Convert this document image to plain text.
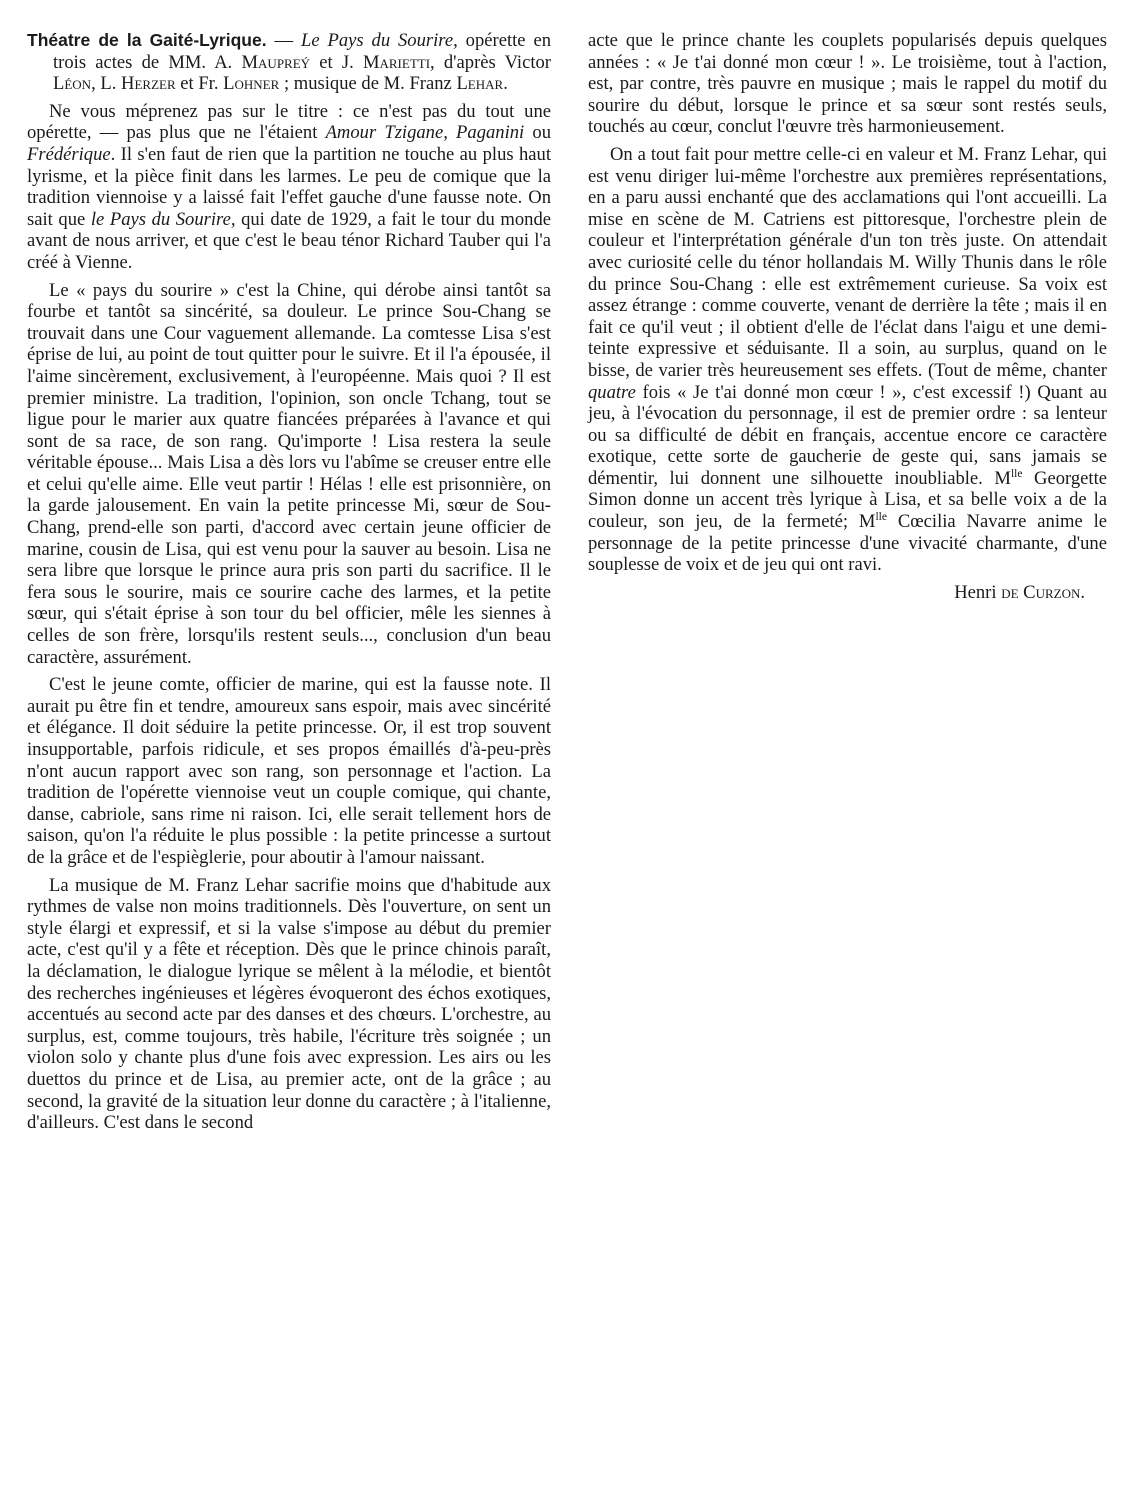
Théatre de la Gaité-Lyrique. — Le Pays du Sourire, opérette en trois actes de MM. A. Maupreý et J. Marietti, d'après Victor Léon, L. Herzer et Fr. Lohner ; musique de M. Franz Lehar.

Ne vous méprenez pas sur le titre : ce n'est pas du tout une opérette, — pas plus que ne l'étaient Amour Tzigane, Paganini ou Frédérique. Il s'en faut de rien que la partition ne touche au plus haut lyrisme, et la pièce finit dans les larmes. Le peu de comique que la tradition viennoise y a laissé fait l'effet gauche d'une fausse note. On sait que le Pays du Sourire, qui date de 1929, a fait le tour du monde avant de nous arriver, et que c'est le beau ténor Richard Tauber qui l'a créé à Vienne.

Le « pays du sourire » c'est la Chine, qui dérobe ainsi tantôt sa fourbe et tantôt sa sincérité, sa douleur. Le prince Sou-Chang se trouvait dans une Cour vaguement allemande. La comtesse Lisa s'est éprise de lui, au point de tout quitter pour le suivre. Et il l'a épousée, il l'aime sincèrement, exclusivement, à l'européenne. Mais quoi ? Il est premier ministre. La tradition, l'opinion, son oncle Tchang, tout se ligue pour le marier aux quatre fiancées préparées à l'avance et qui sont de sa race, de son rang. Qu'importe ! Lisa restera la seule véritable épouse... Mais Lisa a dès lors vu l'abîme se creuser entre elle et celui qu'elle aime. Elle veut partir ! Hélas ! elle est prisonnière, on la garde jalousement. En vain la petite princesse Mi, sœur de Sou-Chang, prend-elle son parti, d'accord avec certain jeune officier de marine, cousin de Lisa, qui est venu pour la sauver au besoin. Lisa ne sera libre que lorsque le prince aura pris son parti du sacrifice. Il le fera sous le sourire, mais ce sourire cache des larmes, et la petite sœur, qui s'était éprise à son tour du bel officier, mêle les siennes à celles de son frère, lorsqu'ils restent seuls..., conclusion d'un beau caractère, assurément.

C'est le jeune comte, officier de marine, qui est la fausse note. Il aurait pu être fin et tendre, amoureux sans espoir, mais avec sincérité et élégance. Il doit séduire la petite princesse. Or, il est trop souvent insupportable, parfois ridicule, et ses propos émaillés d'à-peu-près n'ont aucun rapport avec son rang, son personnage et l'action. La tradition de l'opérette viennoise veut un couple comique, qui chante, danse, cabriole, sans rime ni raison. Ici, elle serait tellement hors de saison, qu'on l'a réduite le plus possible : la petite princesse a surtout de la grâce et de l'espièglerie, pour aboutir à l'amour naissant.

La musique de M. Franz Lehar sacrifie moins que d'habitude aux rythmes de valse non moins traditionnels. Dès l'ouverture, on sent un style élargi et expressif, et si la valse s'impose au début du premier acte, c'est qu'il y a fête et réception. Dès que le prince chinois paraît, la déclamation, le dialogue lyrique se mêlent à la mélodie, et bientôt des recherches ingénieuses et légères évoqueront des échos exotiques, accentués au second acte par des danses et des chœurs. L'orchestre, au surplus, est, comme toujours, très habile, l'écriture très soignée ; un violon solo y chante plus d'une fois avec expression. Les airs ou les duettos du prince et de Lisa, au premier acte, ont de la grâce ; au second, la gravité de la situation leur donne du caractère ; à l'italienne, d'ailleurs. C'est dans le second

acte que le prince chante les couplets popularisés depuis quelques années : « Je t'ai donné mon cœur ! ». Le troisième, tout à l'action, est, par contre, très pauvre en musique ; mais le rappel du motif du sourire du début, lorsque le prince et sa sœur sont restés seuls, touchés au cœur, conclut l'œuvre très harmonieusement.

On a tout fait pour mettre celle-ci en valeur et M. Franz Lehar, qui est venu diriger lui-même l'orchestre aux premières représentations, en a paru aussi enchanté que des acclamations qui l'ont accueilli. La mise en scène de M. Catriens est pittoresque, l'orchestre plein de couleur et l'interprétation générale d'un ton très juste. On attendait avec curiosité celle du ténor hollandais M. Willy Thunis dans le rôle du prince Sou-Chang : elle est extrêmement curieuse. Sa voix est assez étrange : comme couverte, venant de derrière la tête ; mais il en fait ce qu'il veut ; il obtient d'elle de l'éclat dans l'aigu et une demi-teinte expressive et séduisante. Il a soin, au surplus, quand on le bisse, de varier très heureusement ses effets. (Tout de même, chanter quatre fois « Je t'ai donné mon cœur ! », c'est excessif !) Quant au jeu, à l'évocation du personnage, il est de premier ordre : sa lenteur ou sa difficulté de débit en français, accentue encore ce caractère exotique, cette sorte de gaucherie de geste qui, sans jamais se démentir, lui donnent une silhouette inoubliable. $M^{lle}$ Georgette Simon donne un accent très lyrique à Lisa, et sa belle voix a de la couleur, son jeu, de la fermeté; $M^{lle}$ Cœcilia Navarre anime le personnage de la petite princesse d'une vivacité charmante, d'une souplesse de voix et de jeu qui ont ravi.

Henri de Curzon.
